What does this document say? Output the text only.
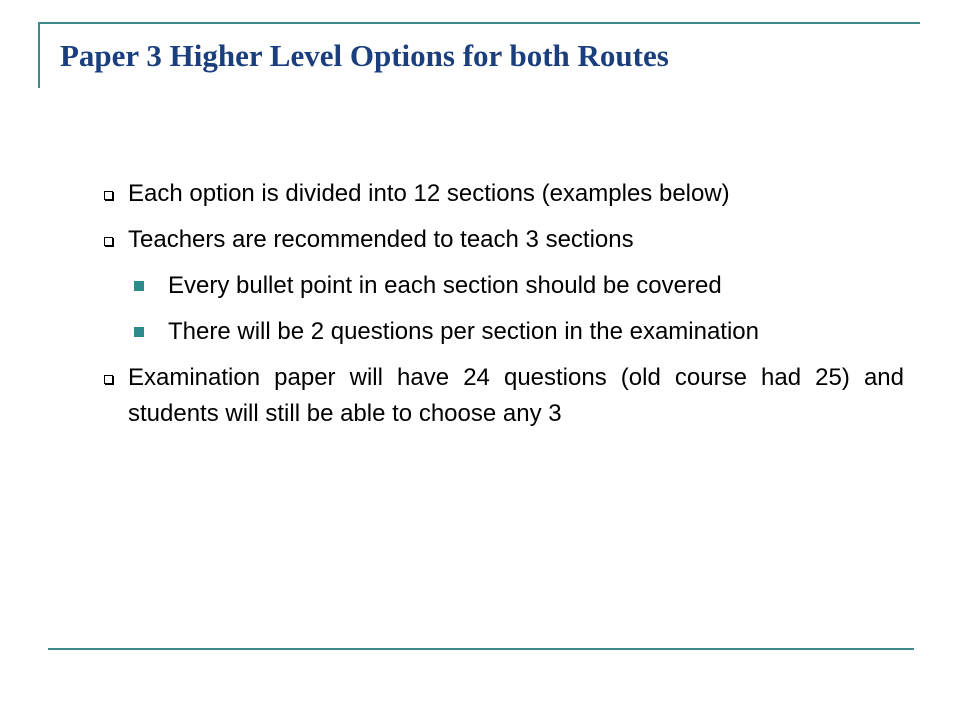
Paper 3 Higher Level Options for both Routes
Each option is divided into 12 sections (examples below)
Teachers are recommended to teach 3 sections
Every bullet point in each section should be covered
There will be 2 questions per section in the examination
Examination paper will have 24 questions (old course had 25) and students will still be able to choose any 3
